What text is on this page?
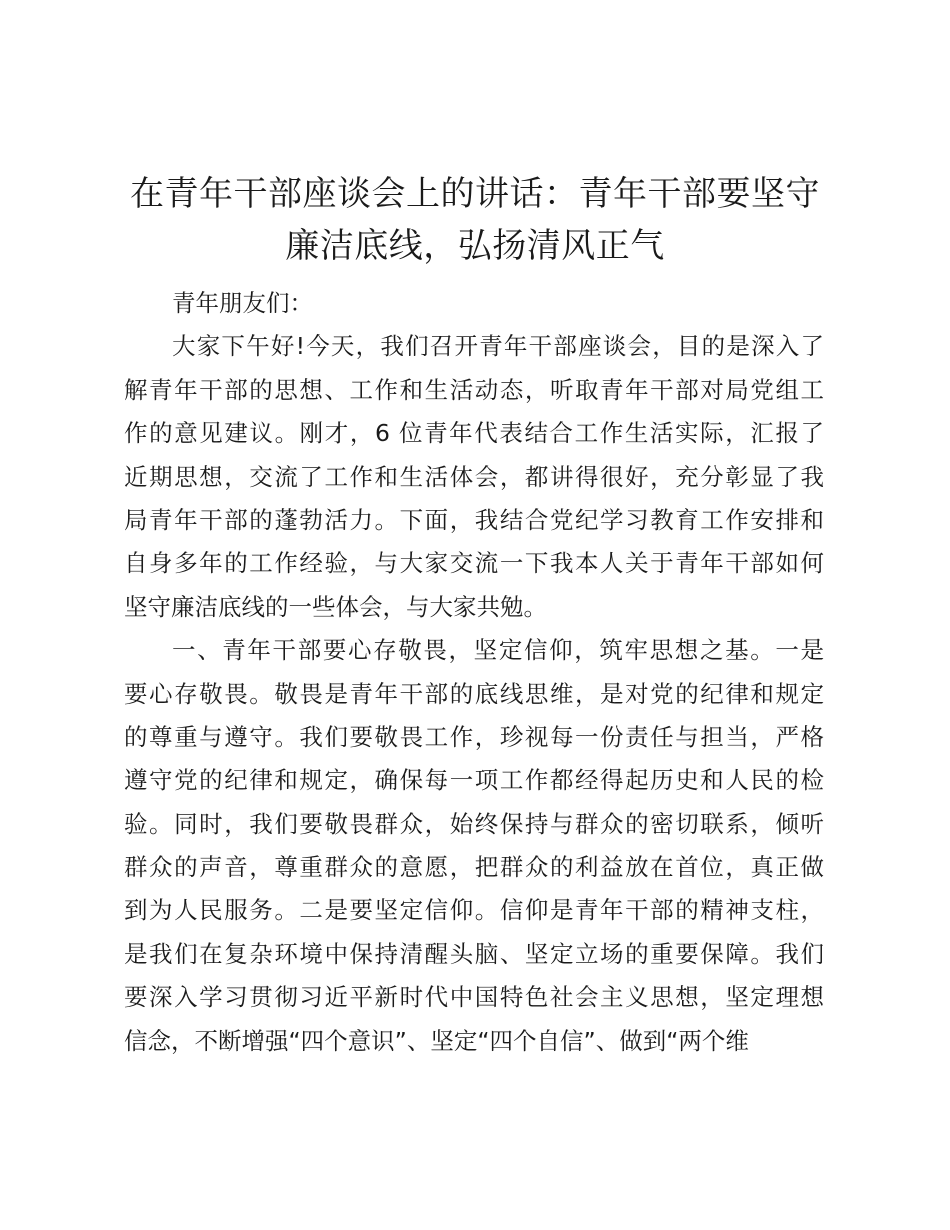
在青年干部座谈会上的讲话：青年干部要坚守
廉洁底线，弘扬清风正气
青年朋友们：
大家下午好!今天，我们召开青年干部座谈会，目的是深入了
解青年干部的思想、工作和生活动态，听取青年干部对局党组工
作的意见建议。刚才，6 位青年代表结合工作生活实际，汇报了
近期思想，交流了工作和生活体会，都讲得很好，充分彰显了我
局青年干部的蓬勃活力。下面，我结合党纪学习教育工作安排和
自身多年的工作经验，与大家交流一下我本人关于青年干部如何
坚守廉洁底线的一些体会，与大家共勉。
一、青年干部要心存敬畏，坚定信仰，筑牢思想之基。一是
要心存敬畏。敬畏是青年干部的底线思维，是对党的纪律和规定
的尊重与遵守。我们要敬畏工作，珍视每一份责任与担当，严格
遵守党的纪律和规定，确保每一项工作都经得起历史和人民的检
验。同时，我们要敬畏群众，始终保持与群众的密切联系，倾听
群众的声音，尊重群众的意愿，把群众的利益放在首位，真正做
到为人民服务。二是要坚定信仰。信仰是青年干部的精神支柱，
是我们在复杂环境中保持清醒头脑、坚定立场的重要保障。我们
要深入学习贯彻习近平新时代中国特色社会主义思想，坚定理想
信念，不断增强“四个意识”、坚定“四个自信”、做到“两个维
